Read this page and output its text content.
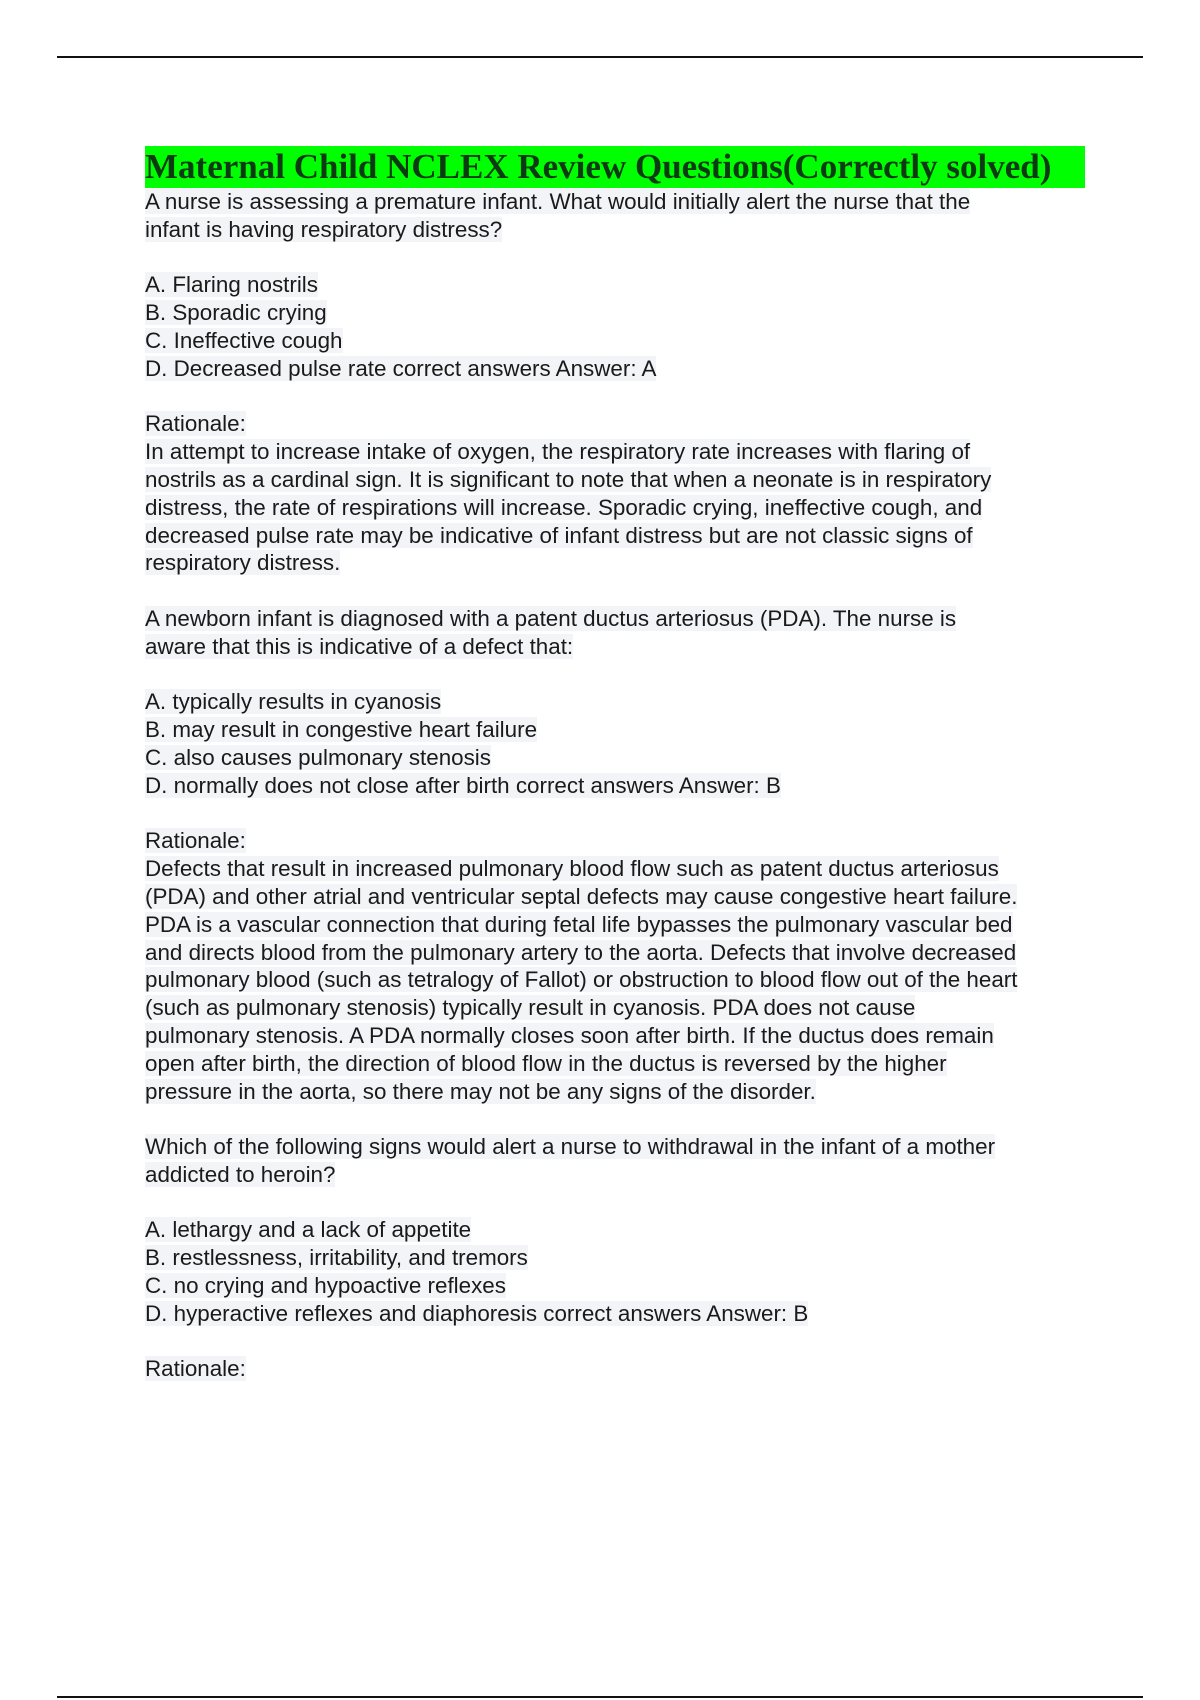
Maternal Child NCLEX Review Questions(Correctly solved)
A nurse is assessing a premature infant. What would initially alert the nurse that the
infant is having respiratory distress?
A. Flaring nostrils
B. Sporadic crying
C. Ineffective cough
D. Decreased pulse rate correct answers Answer: A
Rationale:
In attempt to increase intake of oxygen, the respiratory rate increases with flaring of
nostrils as a cardinal sign. It is significant to note that when a neonate is in respiratory
distress, the rate of respirations will increase. Sporadic crying, ineffective cough, and
decreased pulse rate may be indicative of infant distress but are not classic signs of
respiratory distress.
A newborn infant is diagnosed with a patent ductus arteriosus (PDA). The nurse is
aware that this is indicative of a defect that:
A. typically results in cyanosis
B. may result in congestive heart failure
C. also causes pulmonary stenosis
D. normally does not close after birth correct answers Answer: B
Rationale:
Defects that result in increased pulmonary blood flow such as patent ductus arteriosus
(PDA) and other atrial and ventricular septal defects may cause congestive heart failure.
PDA is a vascular connection that during fetal life bypasses the pulmonary vascular bed
and directs blood from the pulmonary artery to the aorta. Defects that involve decreased
pulmonary blood (such as tetralogy of Fallot) or obstruction to blood flow out of the heart
(such as pulmonary stenosis) typically result in cyanosis. PDA does not cause
pulmonary stenosis. A PDA normally closes soon after birth. If the ductus does remain
open after birth, the direction of blood flow in the ductus is reversed by the higher
pressure in the aorta, so there may not be any signs of the disorder.
Which of the following signs would alert a nurse to withdrawal in the infant of a mother
addicted to heroin?
A. lethargy and a lack of appetite
B. restlessness, irritability, and tremors
C. no crying and hypoactive reflexes
D. hyperactive reflexes and diaphoresis correct answers Answer: B
Rationale:
